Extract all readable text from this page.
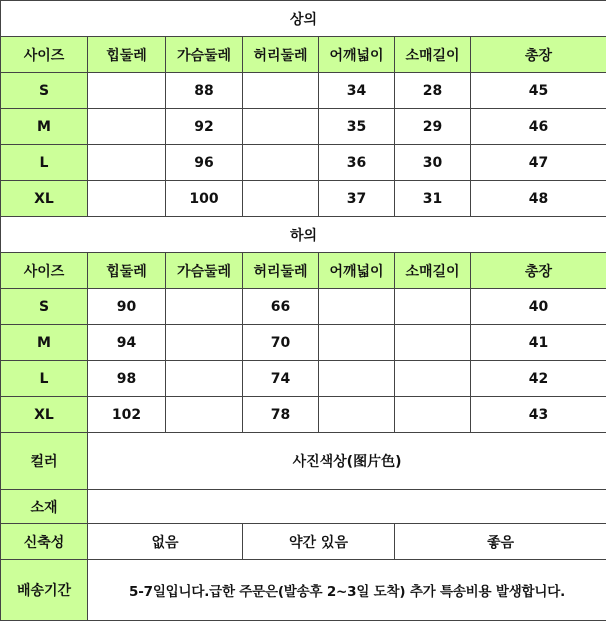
상의						
사이즈	힙둘레	가슴둘레	허리둘레	어깨넓이	소매길이	총장
S		88		34	28	45
M		92		35	29	46
L		96		36	30	47
XL		100		37	31	48
하의						
사이즈	힙둘레	가슴둘레	허리둘레	어깨넓이	소매길이	총장
S	90		66			40
M	94		70			41
L	98		74			42
XL	102		78			43
컬러	사진색상(图片色)					
소재						
신축성	없음		약간 있음		좋음	
배송기간	5-7일입니다.급한 주문은(발송후 2~3일 도착) 추가 특송비용 발생합니다.					
